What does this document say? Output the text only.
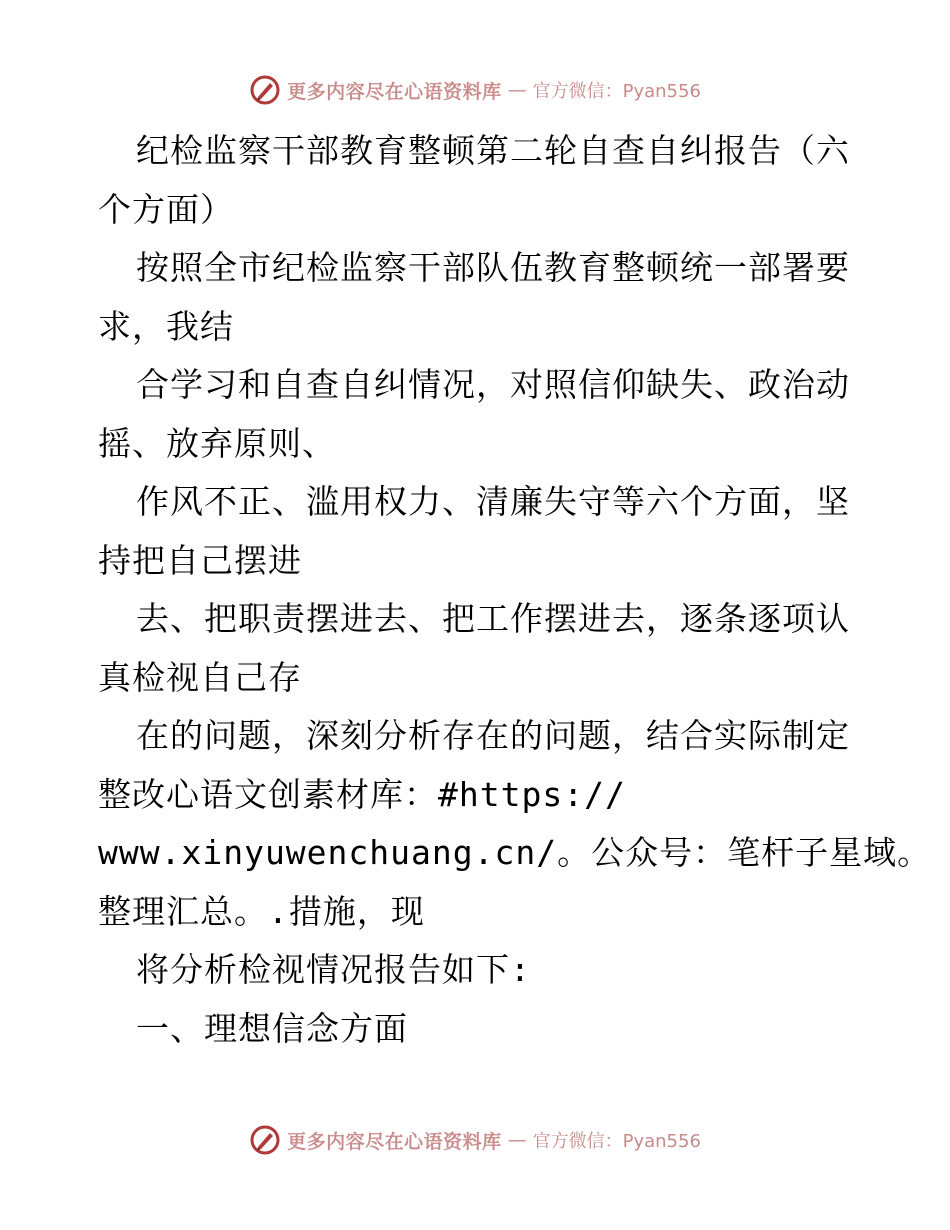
更多内容尽在心语资料库 — 官方微信：Pyan556
纪检监察干部教育整顿第二轮自查自纠报告（六
个方面）
按照全市纪检监察干部队伍教育整顿统一部署要
求，我结
合学习和自查自纠情况，对照信仰缺失、政治动
摇、放弃原则、
作风不正、滥用权力、清廉失守等六个方面，坚
持把自己摆进
去、把职责摆进去、把工作摆进去，逐条逐项认
真检视自己存
在的问题，深刻分析存在的问题，结合实际制定
整改心语文创素材库：#https://
www.xinyuwenchuang.cn/。公众号：笔杆子星域。
整理汇总。.措施，现
将分析检视情况报告如下:
一、理想信念方面
更多内容尽在心语资料库 — 官方微信：Pyan556
